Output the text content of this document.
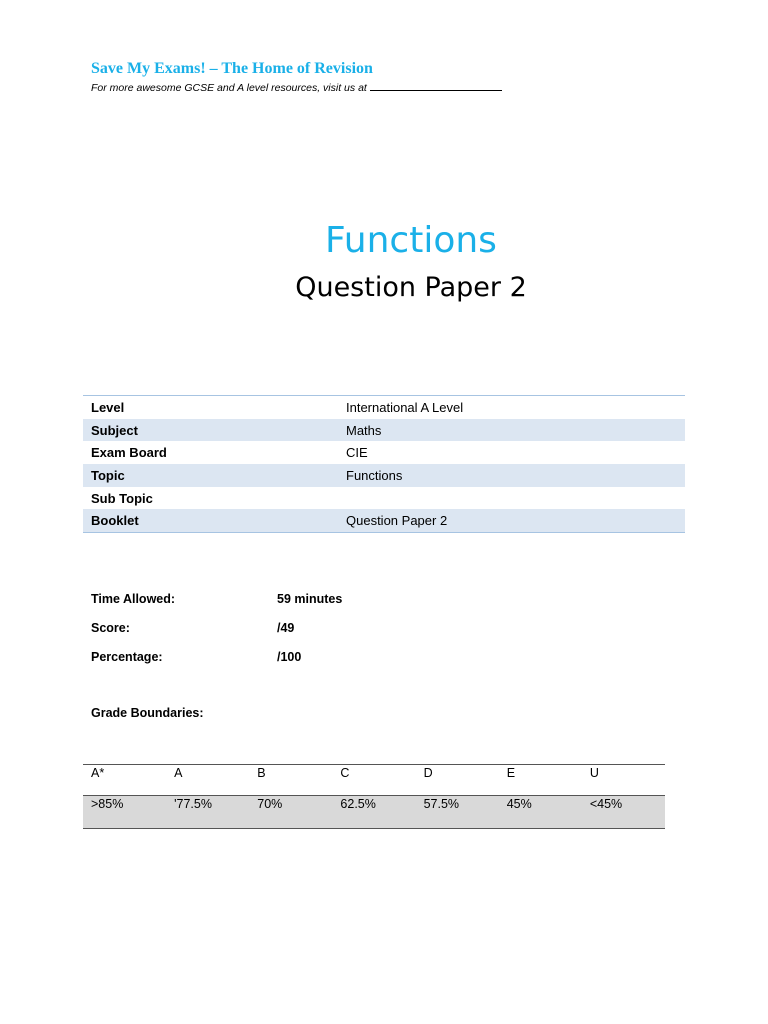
Save My Exams! – The Home of Revision
For more awesome GCSE and A level resources, visit us at
Functions
Question Paper 2
Level	International A Level
Subject	Maths
Exam Board	CIE
Topic	Functions
Sub Topic	
Booklet	Question Paper 2
Time Allowed:	59 minutes
Score:	/49
Percentage:	/100
Grade Boundaries:
A*	A	B	C	D	E	U
>85%	'77.5%	70%	62.5%	57.5%	45%	<45%
